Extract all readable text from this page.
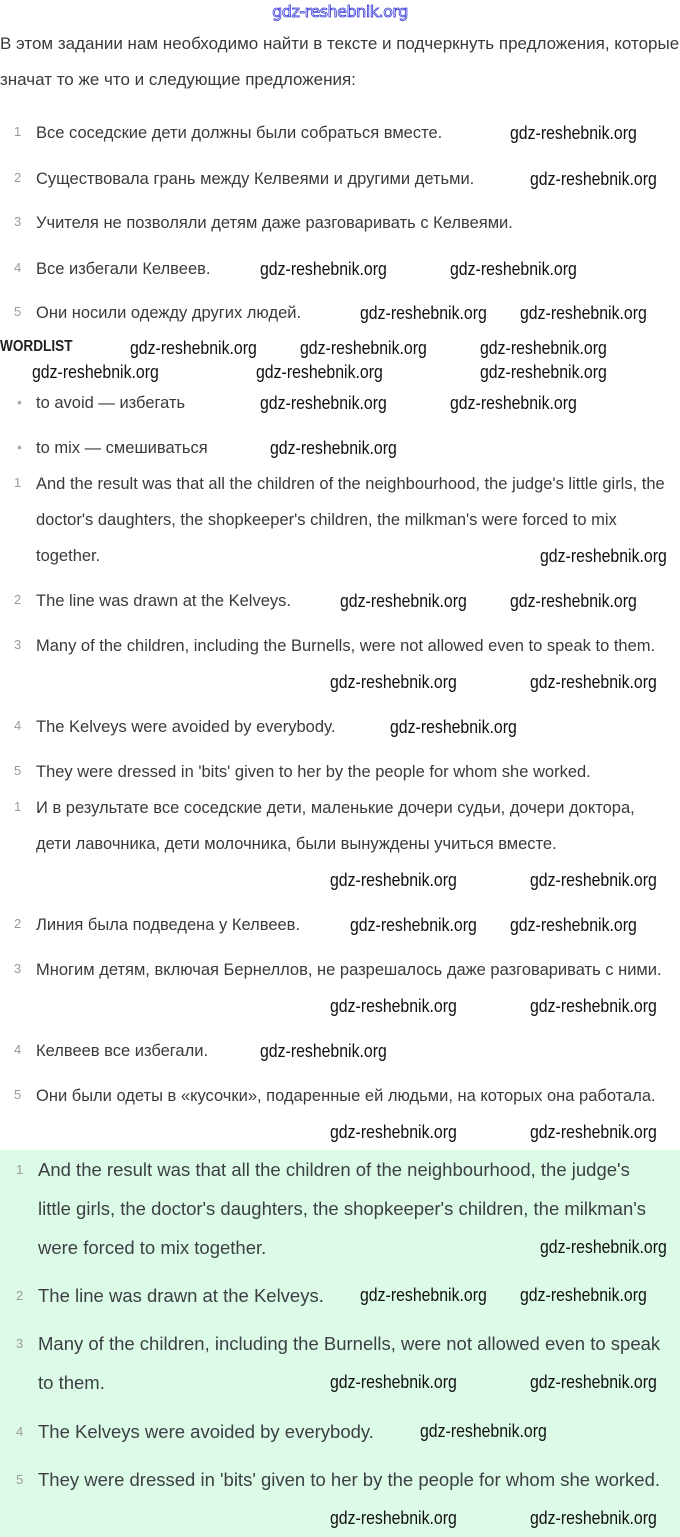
gdz-reshebnik.org
В этом задании нам необходимо найти в тексте и подчеркнуть предложения, которые значат то же что и следующие предложения:
WORDLIST
1 Все соседские дети должны были собраться вместе.
2 Существовала грань между Келвеями и другими детьми.
3 Учителя не позволяли детям даже разговаривать с Келвеями.
4 Все избегали Келвеев.
5 Они носили одежду других людей.
• to avoid — избегать
• to mix — смешиваться
1 And the result was that all the children of the neighbourhood, the judge's little girls, the doctor's daughters, the shopkeeper's children, the milkman's were forced to mix together.
2 The line was drawn at the Kelveys.
3 Many of the children, including the Burnells, were not allowed even to speak to them.
4 The Kelveys were avoided by everybody.
5 They were dressed in 'bits' given to her by the people for whom she worked.
1 И в результате все соседские дети, маленькие дочери судьи, дочери доктора, дети лавочника, дети молочника, были вынуждены учиться вместе.
2 Линия была подведена у Келвеев.
3 Многим детям, включая Бернеллов, не разрешалось даже разговаривать с ними.
4 Келвеев все избегали.
5 Они были одеты в «кусочки», подаренные ей людьми, на которых она работала.
1 And the result was that all the children of the neighbourhood, the judge's little girls, the doctor's daughters, the shopkeeper's children, the milkman's were forced to mix together.
2 The line was drawn at the Kelveys.
3 Many of the children, including the Burnells, were not allowed even to speak to them.
4 The Kelveys were avoided by everybody.
5 They were dressed in 'bits' given to her by the people for whom she worked.
gdz-reshebnik.org
gdz-reshebnik.org
gdz-reshebnik.org	gdz-reshebnik.org
gdz-reshebnik.org gdz-reshebnik.org
gdz-reshebnik.org gdz-reshebnik.org	gdz-reshebnik.org
gdz-reshebnik.org	gdz-reshebnik.org	gdz-reshebnik.org
gdz-reshebnik.org	gdz-reshebnik.org
gdz-reshebnik.org
gdz-reshebnik.org gdz-reshebnik.org
gdz-reshebnik.org
gdz-reshebnik.org gdz-reshebnik.org
gdz-reshebnik.org
gdz-reshebnik.org gdz-reshebnik.org
gdz-reshebnik.org
gdz-reshebnik.org
gdz-reshebnik.org	gdz-reshebnik.org
gdz-reshebnik.org	gdz-reshebnik.org
gdz-reshebnik.org	gdz-reshebnik.org
gdz-reshebnik.org	gdz-reshebnik.org
gdz-reshebnik.org
gdz-reshebnik.org	gdz-reshebnik.org
gdz-reshebnik.org	gdz-reshebnik.org
